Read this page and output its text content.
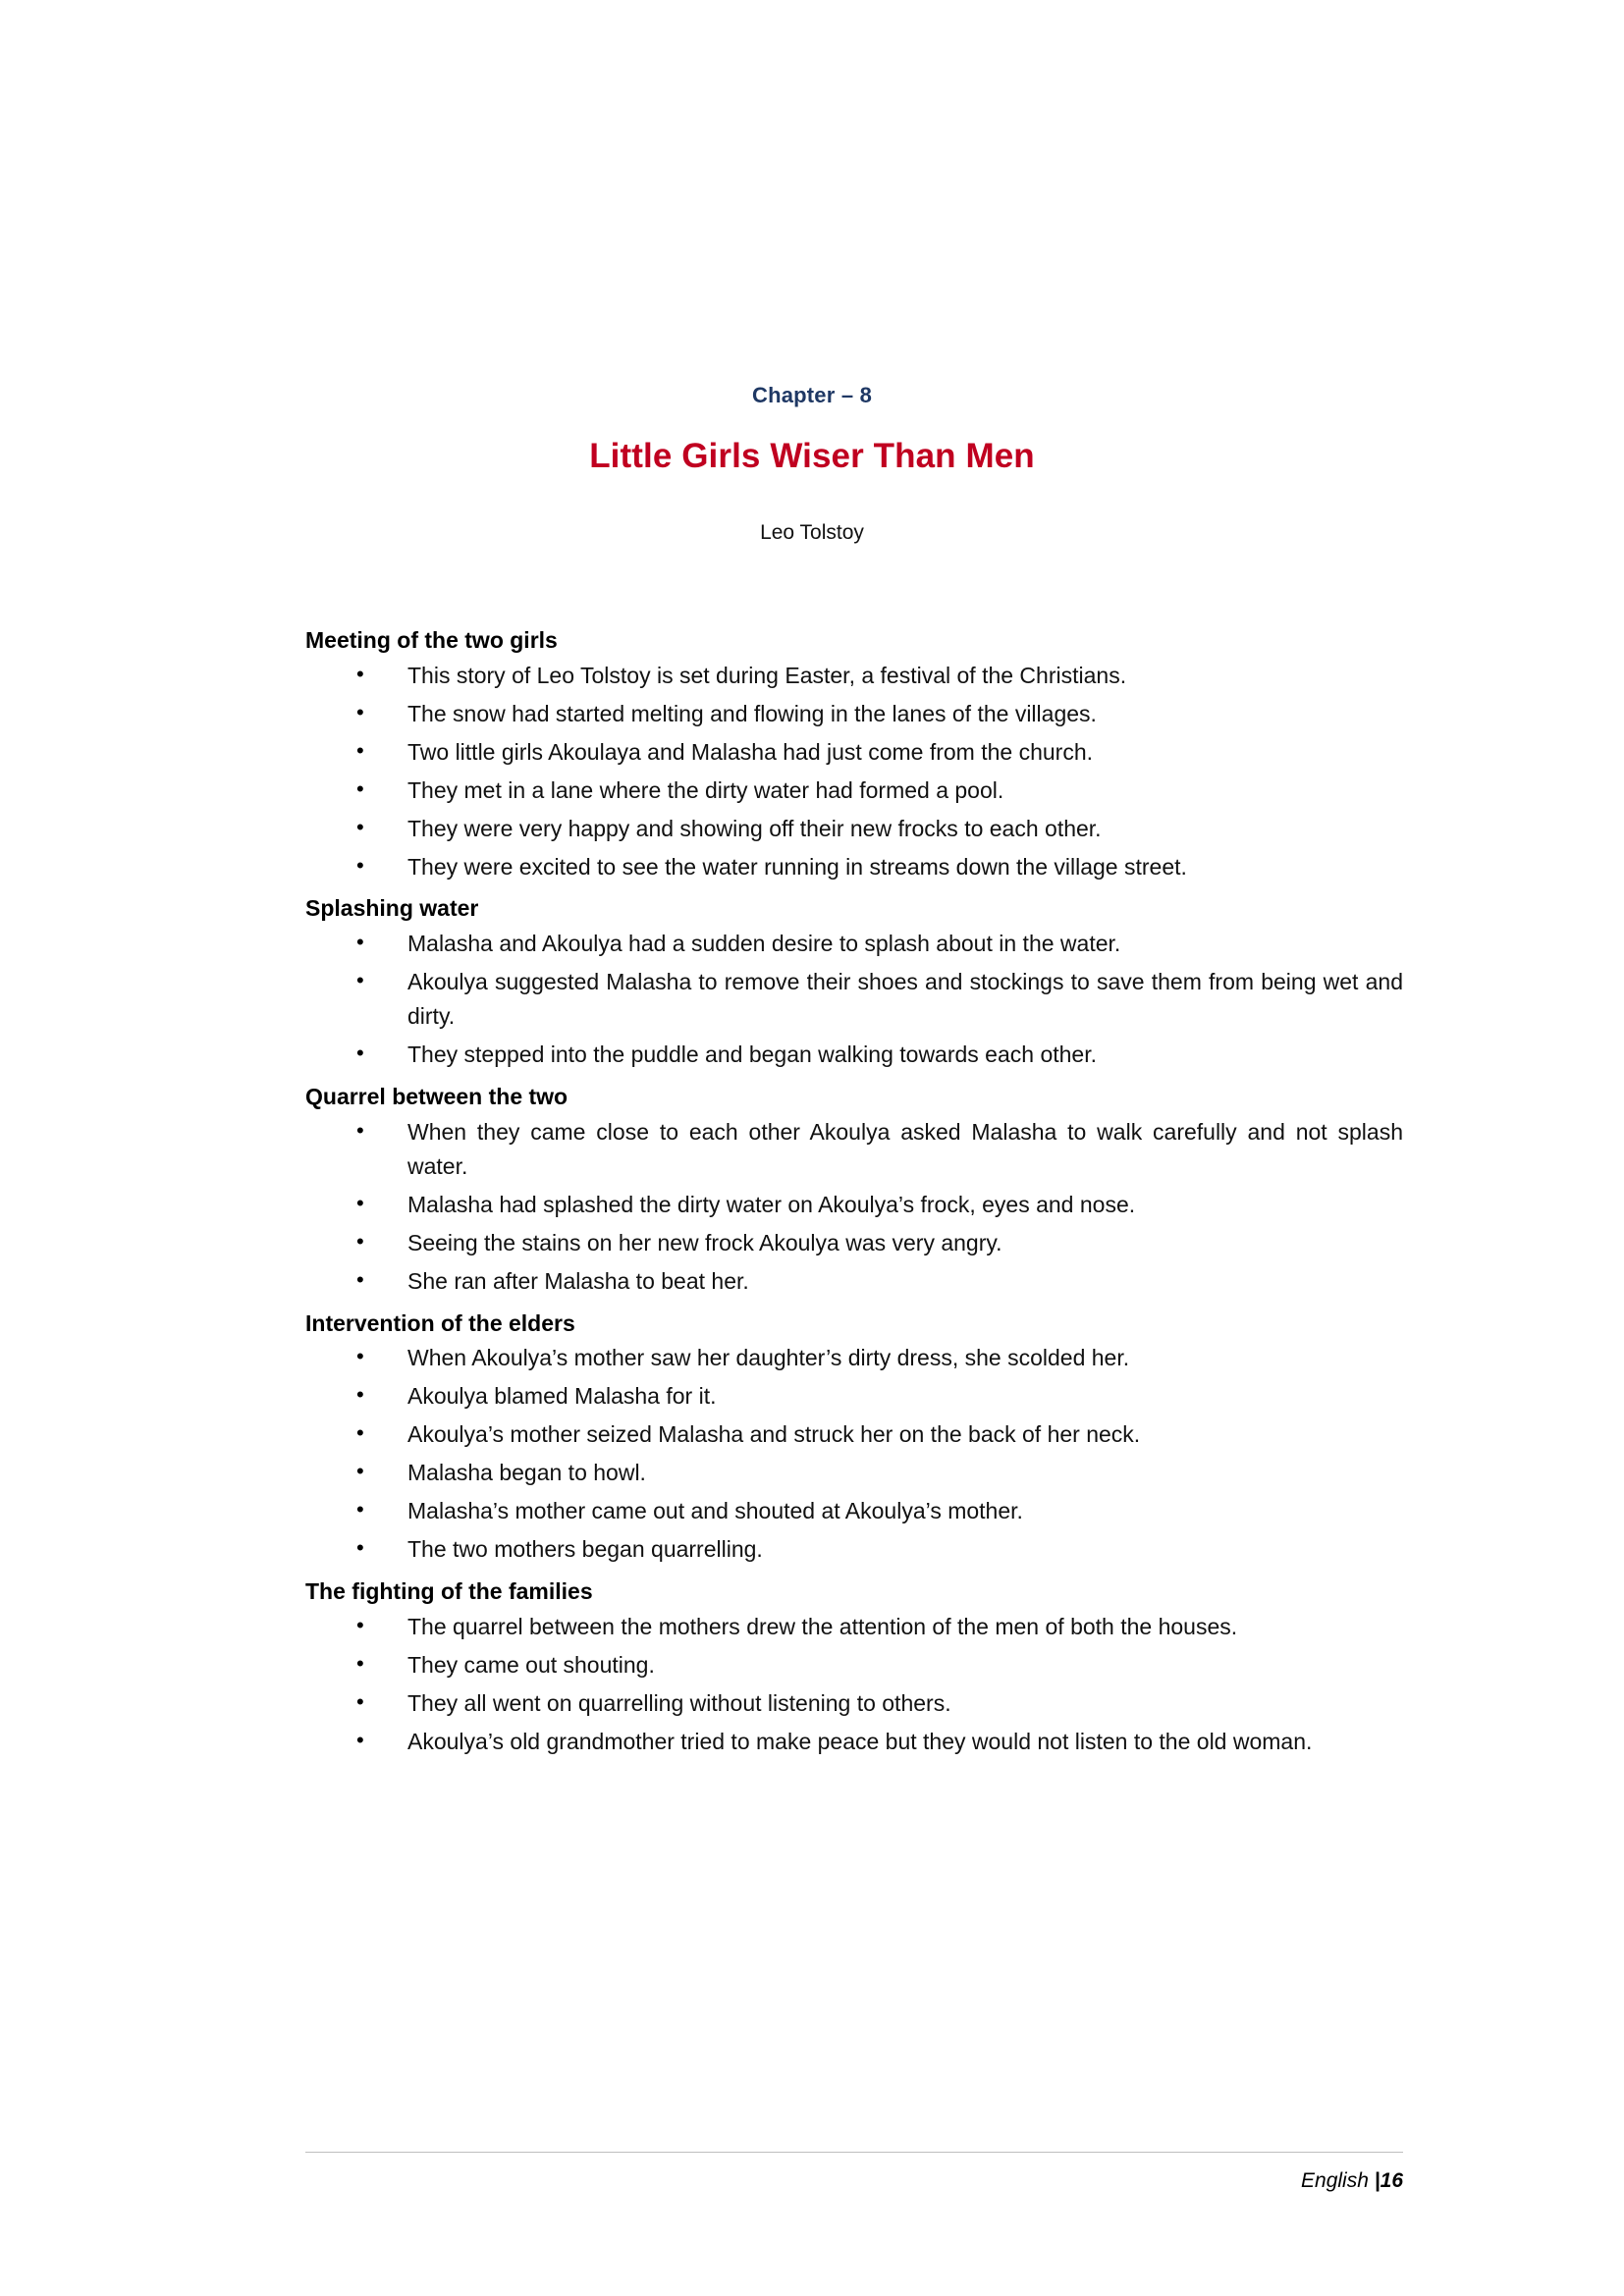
Chapter – 8
Little Girls Wiser Than Men
Leo Tolstoy
Meeting of the two girls
• This story of Leo Tolstoy is set during Easter, a festival of the Christians.
• The snow had started melting and flowing in the lanes of the villages.
• Two little girls Akoulaya and Malasha had just come from the church.
• They met in a lane where the dirty water had formed a pool.
• They were very happy and showing off their new frocks to each other.
• They were excited to see the water running in streams down the village street.
Splashing water
• Malasha and Akoulya had a sudden desire to splash about in the water.
• Akoulya suggested Malasha to remove their shoes and stockings to save them from being wet and dirty.
• They stepped into the puddle and began walking towards each other.
Quarrel between the two
• When they came close to each other Akoulya asked Malasha to walk carefully and not splash water.
• Malasha had splashed the dirty water on Akoulya’s frock, eyes and nose.
• Seeing the stains on her new frock Akoulya was very angry.
• She ran after Malasha to beat her.
Intervention of the elders
• When Akoulya’s mother saw her daughter’s dirty dress, she scolded her.
• Akoulya blamed Malasha for it.
• Akoulya’s mother seized Malasha and struck her on the back of her neck.
• Malasha began to howl.
• Malasha’s mother came out and shouted at Akoulya’s mother.
• The two mothers began quarrelling.
The fighting of the families
• The quarrel between the mothers drew the attention of the men of both the houses.
• They came out shouting.
• They all went on quarrelling without listening to others.
• Akoulya’s old grandmother tried to make peace but they would not listen to the old woman.
English |16
